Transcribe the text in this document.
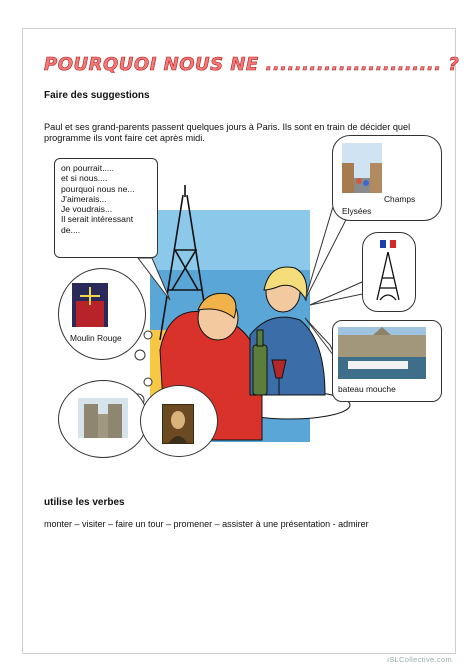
POURQUOI NOUS NE ........................ ?
Faire des suggestions
Paul et ses grand-parents passent quelques jours à Paris. Ils sont en train de décider quel programme ils vont faire cet après midi.
on pourrait.....
et si nous....
pourquoi nous ne...
J'aimerais...
Je voudrais...
Il serait intéressant
de....
Champs
Elysées
bateau mouche
Moulin Rouge
utilise les verbes
monter – visiter – faire un tour – promener – assister à une présentation - admirer
iSLCollective.com
